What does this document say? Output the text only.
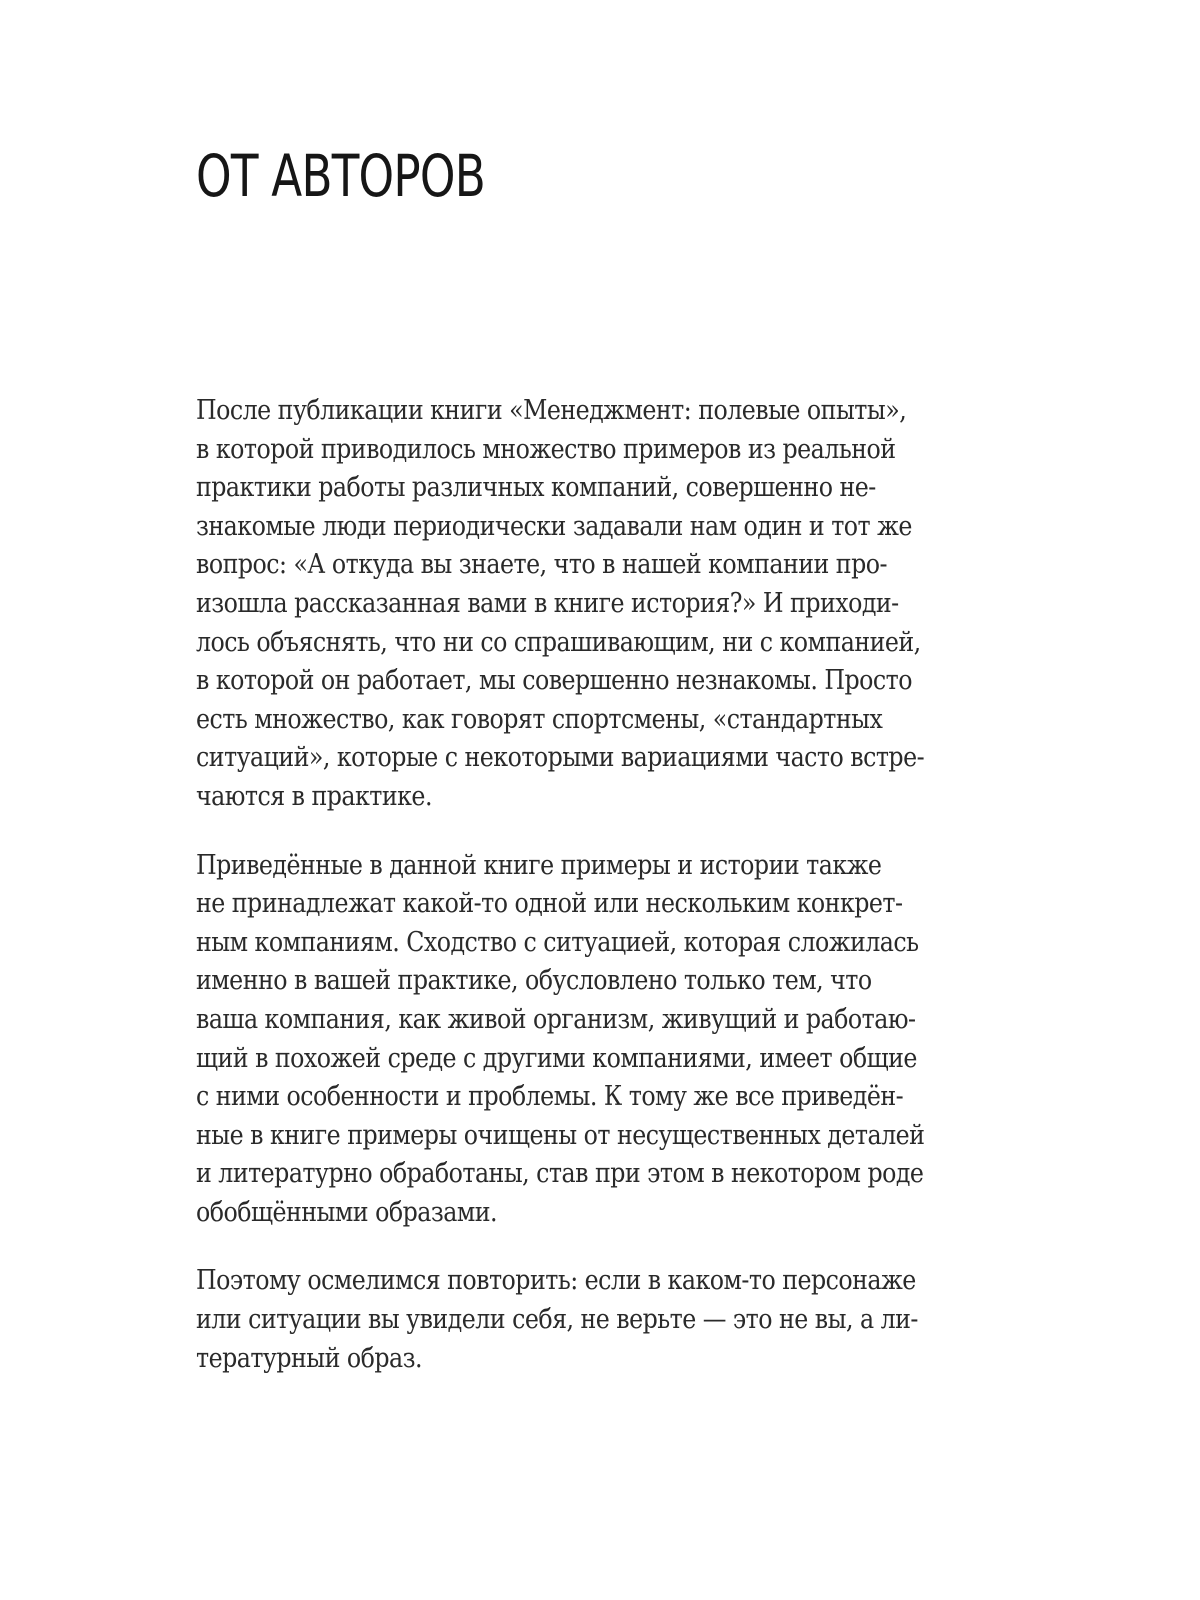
ОТ АВТОРОВ

После публикации книги «Менеджмент: полевые опыты»,
в которой приводилось множество примеров из реальной
практики работы различных компаний, совершенно не-
знакомые люди периодически задавали нам один и тот же
вопрос: «А откуда вы знаете, что в нашей компании про-
изошла рассказанная вами в книге история?» И приходи-
лось объяснять, что ни со спрашивающим, ни с компанией,
в которой он работает, мы совершенно незнакомы. Просто
есть множество, как говорят спортсмены, «стандартных
ситуаций», которые с некоторыми вариациями часто встре-
чаются в практике.

Приведённые в данной книге примеры и истории также
не принадлежат какой-то одной или нескольким конкрет-
ным компаниям. Сходство с ситуацией, которая сложилась
именно в вашей практике, обусловлено только тем, что
ваша компания, как живой организм, живущий и работаю-
щий в похожей среде с другими компаниями, имеет общие
с ними особенности и проблемы. К тому же все приведён-
ные в книге примеры очищены от несущественных деталей
и литературно обработаны, став при этом в некотором роде
обобщёнными образами.

Поэтому осмелимся повторить: если в каком-то персонаже
или ситуации вы увидели себя, не верьте — это не вы, а ли-
тературный образ.
